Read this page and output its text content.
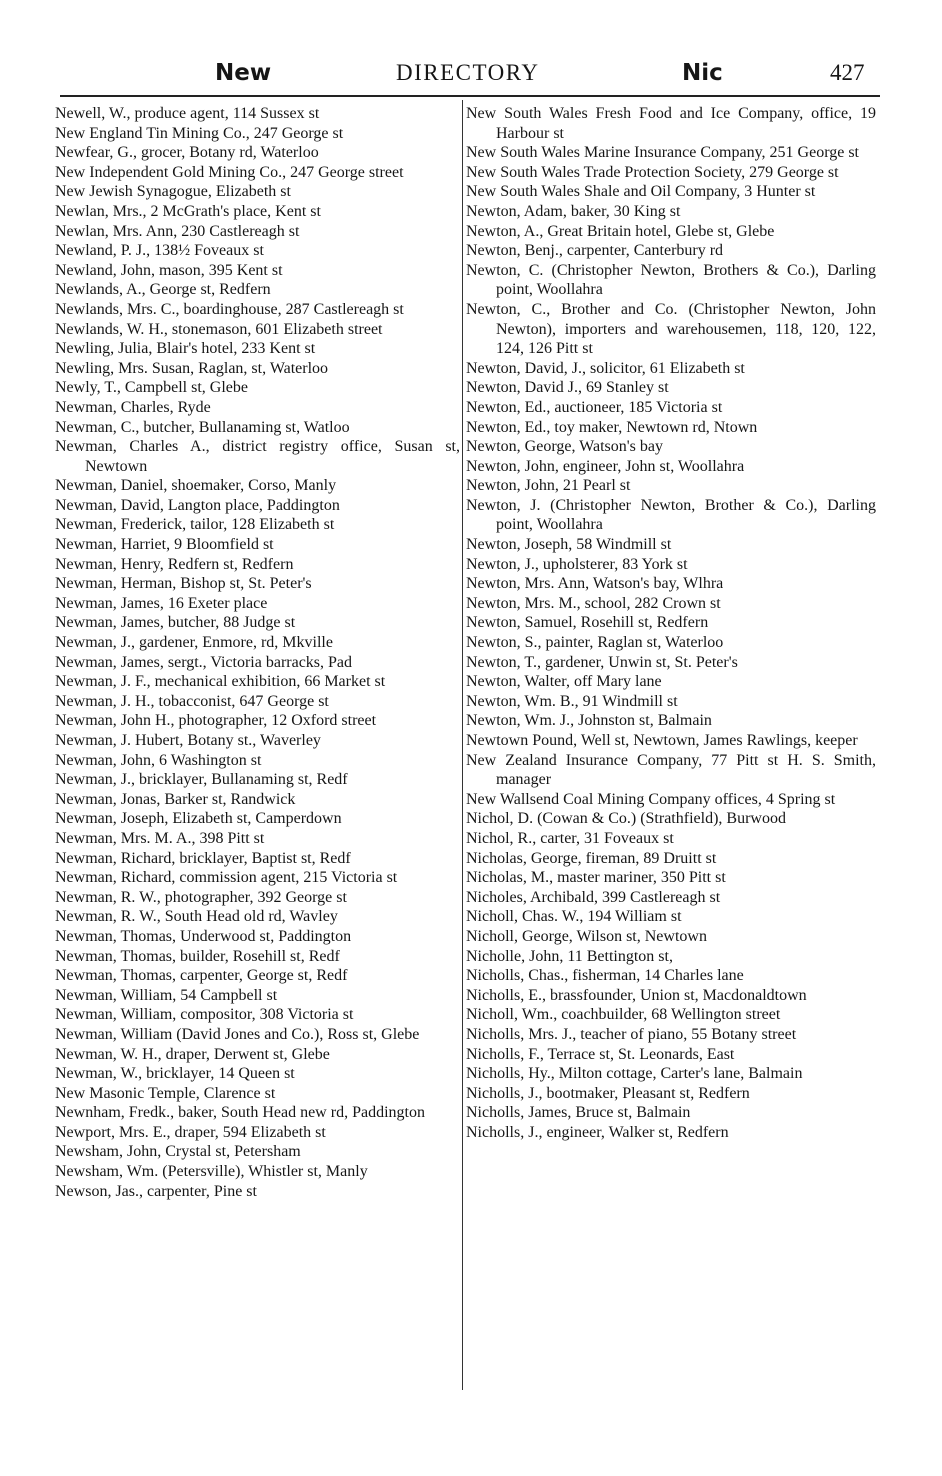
New	DIRECTORY	Nic	427

Newell, W., produce agent, 114 Sussex st

New England Tin Mining Co., 247 George st

Newfear, G., grocer, Botany rd, Waterloo

New Independent Gold Mining Co., 247 George street

New Jewish Synagogue, Elizabeth st

Newlan, Mrs., 2 McGrath's place, Kent st

Newlan, Mrs. Ann, 230 Castlereagh st

Newland, P. J., 138½ Foveaux st

Newland, John, mason, 395 Kent st

Newlands, A., George st, Redfern

Newlands, Mrs. C., boardinghouse, 287 Castlereagh st

Newlands, W. H., stonemason, 601 Elizabeth street

Newling, Julia, Blair's hotel, 233 Kent st

Newling, Mrs. Susan, Raglan, st, Waterloo

Newly, T., Campbell st, Glebe

Newman, Charles, Ryde

Newman, C., butcher, Bullanaming st, Watloo

Newman, Charles A., district registry office, Susan st, Newtown

Newman, Daniel, shoemaker, Corso, Manly

Newman, David, Langton place, Paddington

Newman, Frederick, tailor, 128 Elizabeth st

Newman, Harriet, 9 Bloomfield st

Newman, Henry, Redfern st, Redfern

Newman, Herman, Bishop st, St. Peter's

Newman, James, 16 Exeter place

Newman, James, butcher, 88 Judge st

Newman, J., gardener, Enmore, rd, Mkville

Newman, James, sergt., Victoria barracks, Pad

Newman, J. F., mechanical exhibition, 66 Market st

Newman, J. H., tobacconist, 647 George st

Newman, John H., photographer, 12 Oxford street

Newman, J. Hubert, Botany st., Waverley

Newman, John, 6 Washington st

Newman, J., bricklayer, Bullanaming st, Redf

Newman, Jonas, Barker st, Randwick

Newman, Joseph, Elizabeth st, Camperdown

Newman, Mrs. M. A., 398 Pitt st

Newman, Richard, bricklayer, Baptist st, Redf

Newman, Richard, commission agent, 215 Victoria st

Newman, R. W., photographer, 392 George st

Newman, R. W., South Head old rd, Wavley

Newman, Thomas, Underwood st, Paddington

Newman, Thomas, builder, Rosehill st, Redf

Newman, Thomas, carpenter, George st, Redf

Newman, William, 54 Campbell st

Newman, William, compositor, 308 Victoria st

Newman, William (David Jones and Co.), Ross st, Glebe

Newman, W. H., draper, Derwent st, Glebe

Newman, W., bricklayer, 14 Queen st

New Masonic Temple, Clarence st

Newnham, Fredk., baker, South Head new rd, Paddington

Newport, Mrs. E., draper, 594 Elizabeth st

Newsham, John, Crystal st, Petersham

Newsham, Wm. (Petersville), Whistler st, Manly

Newson, Jas., carpenter, Pine st

New South Wales Fresh Food and Ice Company, office, 19 Harbour st

New South Wales Marine Insurance Company, 251 George st

New South Wales Trade Protection Society, 279 George st

New South Wales Shale and Oil Company, 3 Hunter st

Newton, Adam, baker, 30 King st

Newton, A., Great Britain hotel, Glebe st, Glebe

Newton, Benj., carpenter, Canterbury rd

Newton, C. (Christopher Newton, Brothers & Co.), Darling point, Woollahra

Newton, C., Brother and Co. (Christopher Newton, John Newton), importers and warehousemen, 118, 120, 122, 124, 126 Pitt st

Newton, David, J., solicitor, 61 Elizabeth st

Newton, David J., 69 Stanley st

Newton, Ed., auctioneer, 185 Victoria st

Newton, Ed., toy maker, Newtown rd, Ntown

Newton, George, Watson's bay

Newton, John, engineer, John st, Woollahra

Newton, John, 21 Pearl st

Newton, J. (Christopher Newton, Brother & Co.), Darling point, Woollahra

Newton, Joseph, 58 Windmill st

Newton, J., upholsterer, 83 York st

Newton, Mrs. Ann, Watson's bay, Wlhra

Newton, Mrs. M., school, 282 Crown st

Newton, Samuel, Rosehill st, Redfern

Newton, S., painter, Raglan st, Waterloo

Newton, T., gardener, Unwin st, St. Peter's

Newton, Walter, off Mary lane

Newton, Wm. B., 91 Windmill st

Newton, Wm. J., Johnston st, Balmain

Newtown Pound, Well st, Newtown, James Rawlings, keeper

New Zealand Insurance Company, 77 Pitt st H. S. Smith, manager

New Wallsend Coal Mining Company offices, 4 Spring st

Nichol, D. (Cowan & Co.) (Strathfield), Burwood

Nichol, R., carter, 31 Foveaux st

Nicholas, George, fireman, 89 Druitt st

Nicholas, M., master mariner, 350 Pitt st

Nicholes, Archibald, 399 Castlereagh st

Nicholl, Chas. W., 194 William st

Nicholl, George, Wilson st, Newtown

Nicholle, John, 11 Bettington st,

Nicholls, Chas., fisherman, 14 Charles lane

Nicholls, E., brassfounder, Union st, Macdonaldtown

Nicholl, Wm., coachbuilder, 68 Wellington street

Nicholls, Mrs. J., teacher of piano, 55 Botany street

Nicholls, F., Terrace st, St. Leonards, East

Nicholls, Hy., Milton cottage, Carter's lane, Balmain

Nicholls, J., bootmaker, Pleasant st, Redfern

Nicholls, James, Bruce st, Balmain

Nicholls, J., engineer, Walker st, Redfern
